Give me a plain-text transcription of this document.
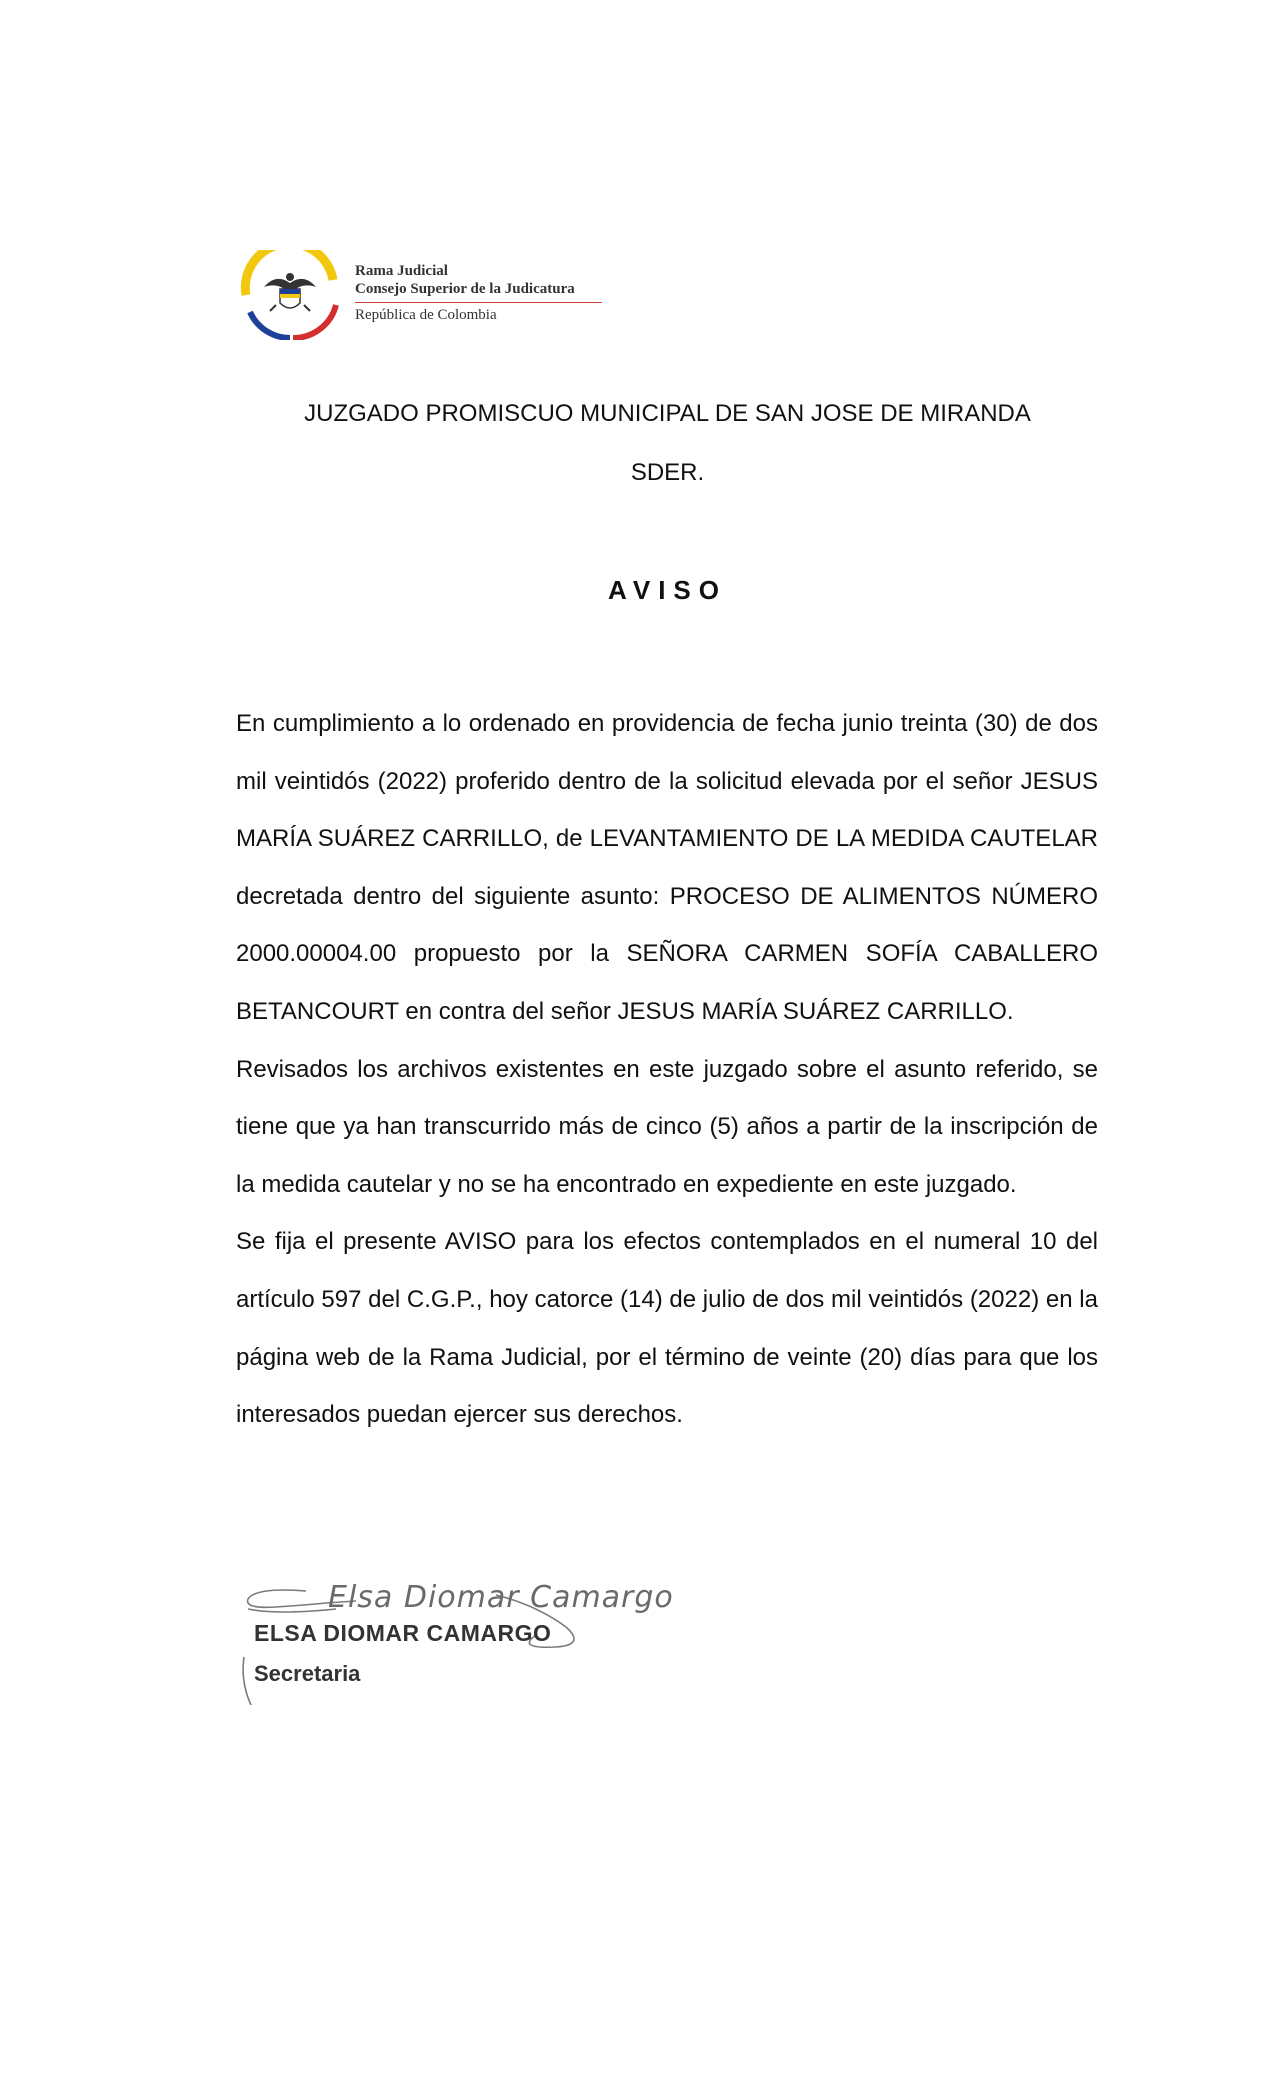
Rama Judicial
Consejo Superior de la Judicatura
República de Colombia
JUZGADO PROMISCUO MUNICIPAL DE SAN JOSE DE MIRANDA
SDER.
AVISO

En cumplimiento a lo ordenado en providencia de fecha junio treinta (30) de dos mil veintidós (2022) proferido dentro de la solicitud elevada por el señor JESUS MARÍA SUÁREZ CARRILLO, de LEVANTAMIENTO DE LA MEDIDA CAUTELAR decretada dentro del siguiente asunto: PROCESO DE ALIMENTOS NÚMERO 2000.00004.00 propuesto por la SEÑORA CARMEN SOFÍA CABALLERO BETANCOURT en contra del señor JESUS MARÍA SUÁREZ CARRILLO.

Revisados los archivos existentes en este juzgado sobre el asunto referido, se tiene que ya han transcurrido más de cinco (5) años a partir de la inscripción de la medida cautelar y no se ha encontrado en expediente en este juzgado.

Se fija el presente AVISO para los efectos contemplados en el numeral 10 del artículo 597 del C.G.P., hoy catorce (14) de julio de dos mil veintidós (2022) en la página web de la Rama Judicial, por el término de veinte (20) días para que los interesados puedan ejercer sus derechos.

Elsa Diomar Camargo
ELSA DIOMAR CAMARGO
Secretaria
